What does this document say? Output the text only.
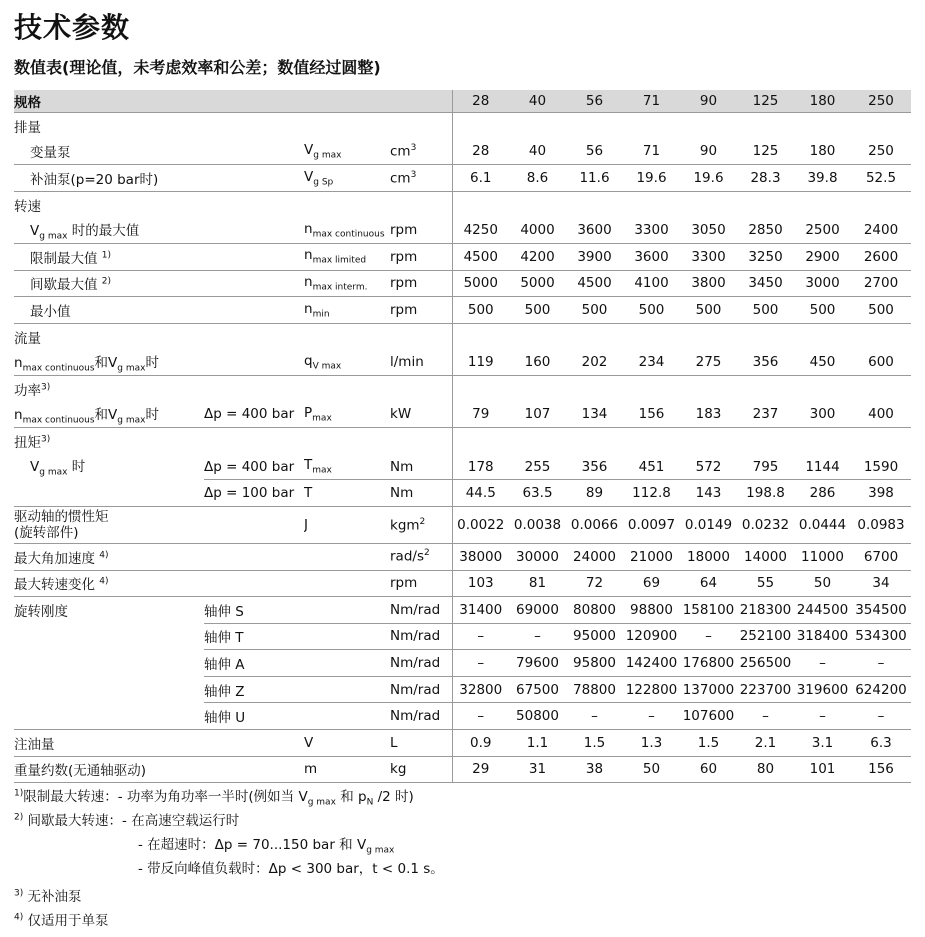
技术参数
数值表(理论值，未考虑效率和公差；数值经过圆整)
规格				28	40	56	71	90	125	180	250
排量											
变量泵		$V_{g max}$	$cm^3$	28	40	56	71	90	125	180	250
补油泵(p=20 bar时)		$V_{g Sp}$	$cm^3$	6.1	8.6	11.6	19.6	19.6	28.3	39.8	52.5
转速											
$V_{g max}$ 时的最大值		$n_{max continuous}$	rpm	4250	4000	3600	3300	3050	2850	2500	2400
限制最大值 $^{1)}$		$n_{max limited}$	rpm	4500	4200	3900	3600	3300	3250	2900	2600
间歇最大值 $^{2)}$		$n_{max interm.}$	rpm	5000	5000	4500	4100	3800	3450	3000	2700
最小值		$n_{min}$	rpm	500	500	500	500	500	500	500	500
流量											
$n_{max continuous}$和$V_{g max}$时		$q_{V max}$	l/min	119	160	202	234	275	356	450	600
功率$^{3)}$	
$n_{max continuous}$和$V_{g max}$时	Δp = 400 bar	$P_{max}$	kW	79	107	134	156	183	237	300	400
扭矩$^{3)}$	
$V_{g max}$ 时	Δp = 400 bar	$T_{max}$	Nm	178	255	356	451	572	795	1144	1590
	Δp = 100 bar	T	Nm	44.5	63.5	89	112.8	143	198.8	286	398
驱动轴的惯性矩
(旋转部件)		J	kgm$^2$	0.0022	0.0038	0.0066	0.0097	0.0149	0.0232	0.0444	0.0983
最大角加速度 $^{4)}$			rad/$s^2$	38000	30000	24000	21000	18000	14000	11000	6700
最大转速变化 $^{4)}$			rpm	103	81	72	69	64	55	50	34
旋转刚度	轴伸 S		Nm/rad	31400	69000	80800	98800	158100	218300	244500	354500
	轴伸 T		Nm/rad	–	–	95000	120900	–	252100	318400	534300
	轴伸 A		Nm/rad	–	79600	95800	142400	176800	256500	–	–
	轴伸 Z		Nm/rad	32800	67500	78800	122800	137000	223700	319600	624200
	轴伸 U		Nm/rad	–	50800	–	–	107600	–	–	–
注油量		V	L	0.9	1.1	1.5	1.3	1.5	2.1	3.1	6.3
重量约数(无通轴驱动)		m	kg	29	31	38	50	60	80	101	156
$^{1)}$限制最大转速：- 功率为角功率一半时(例如当 $V_{g max}$ 和 $p_N$ /2 时)
$^{2)}$ 间歇最大转速：- 在高速空载运行时
- 在超速时：Δp = 70...150 bar 和 $V_{g max}$
- 带反向峰值负载时：Δp < 300 bar，t < 0.1 s。
$^{3)}$ 无补油泵
$^{4)}$ 仅适用于单泵
